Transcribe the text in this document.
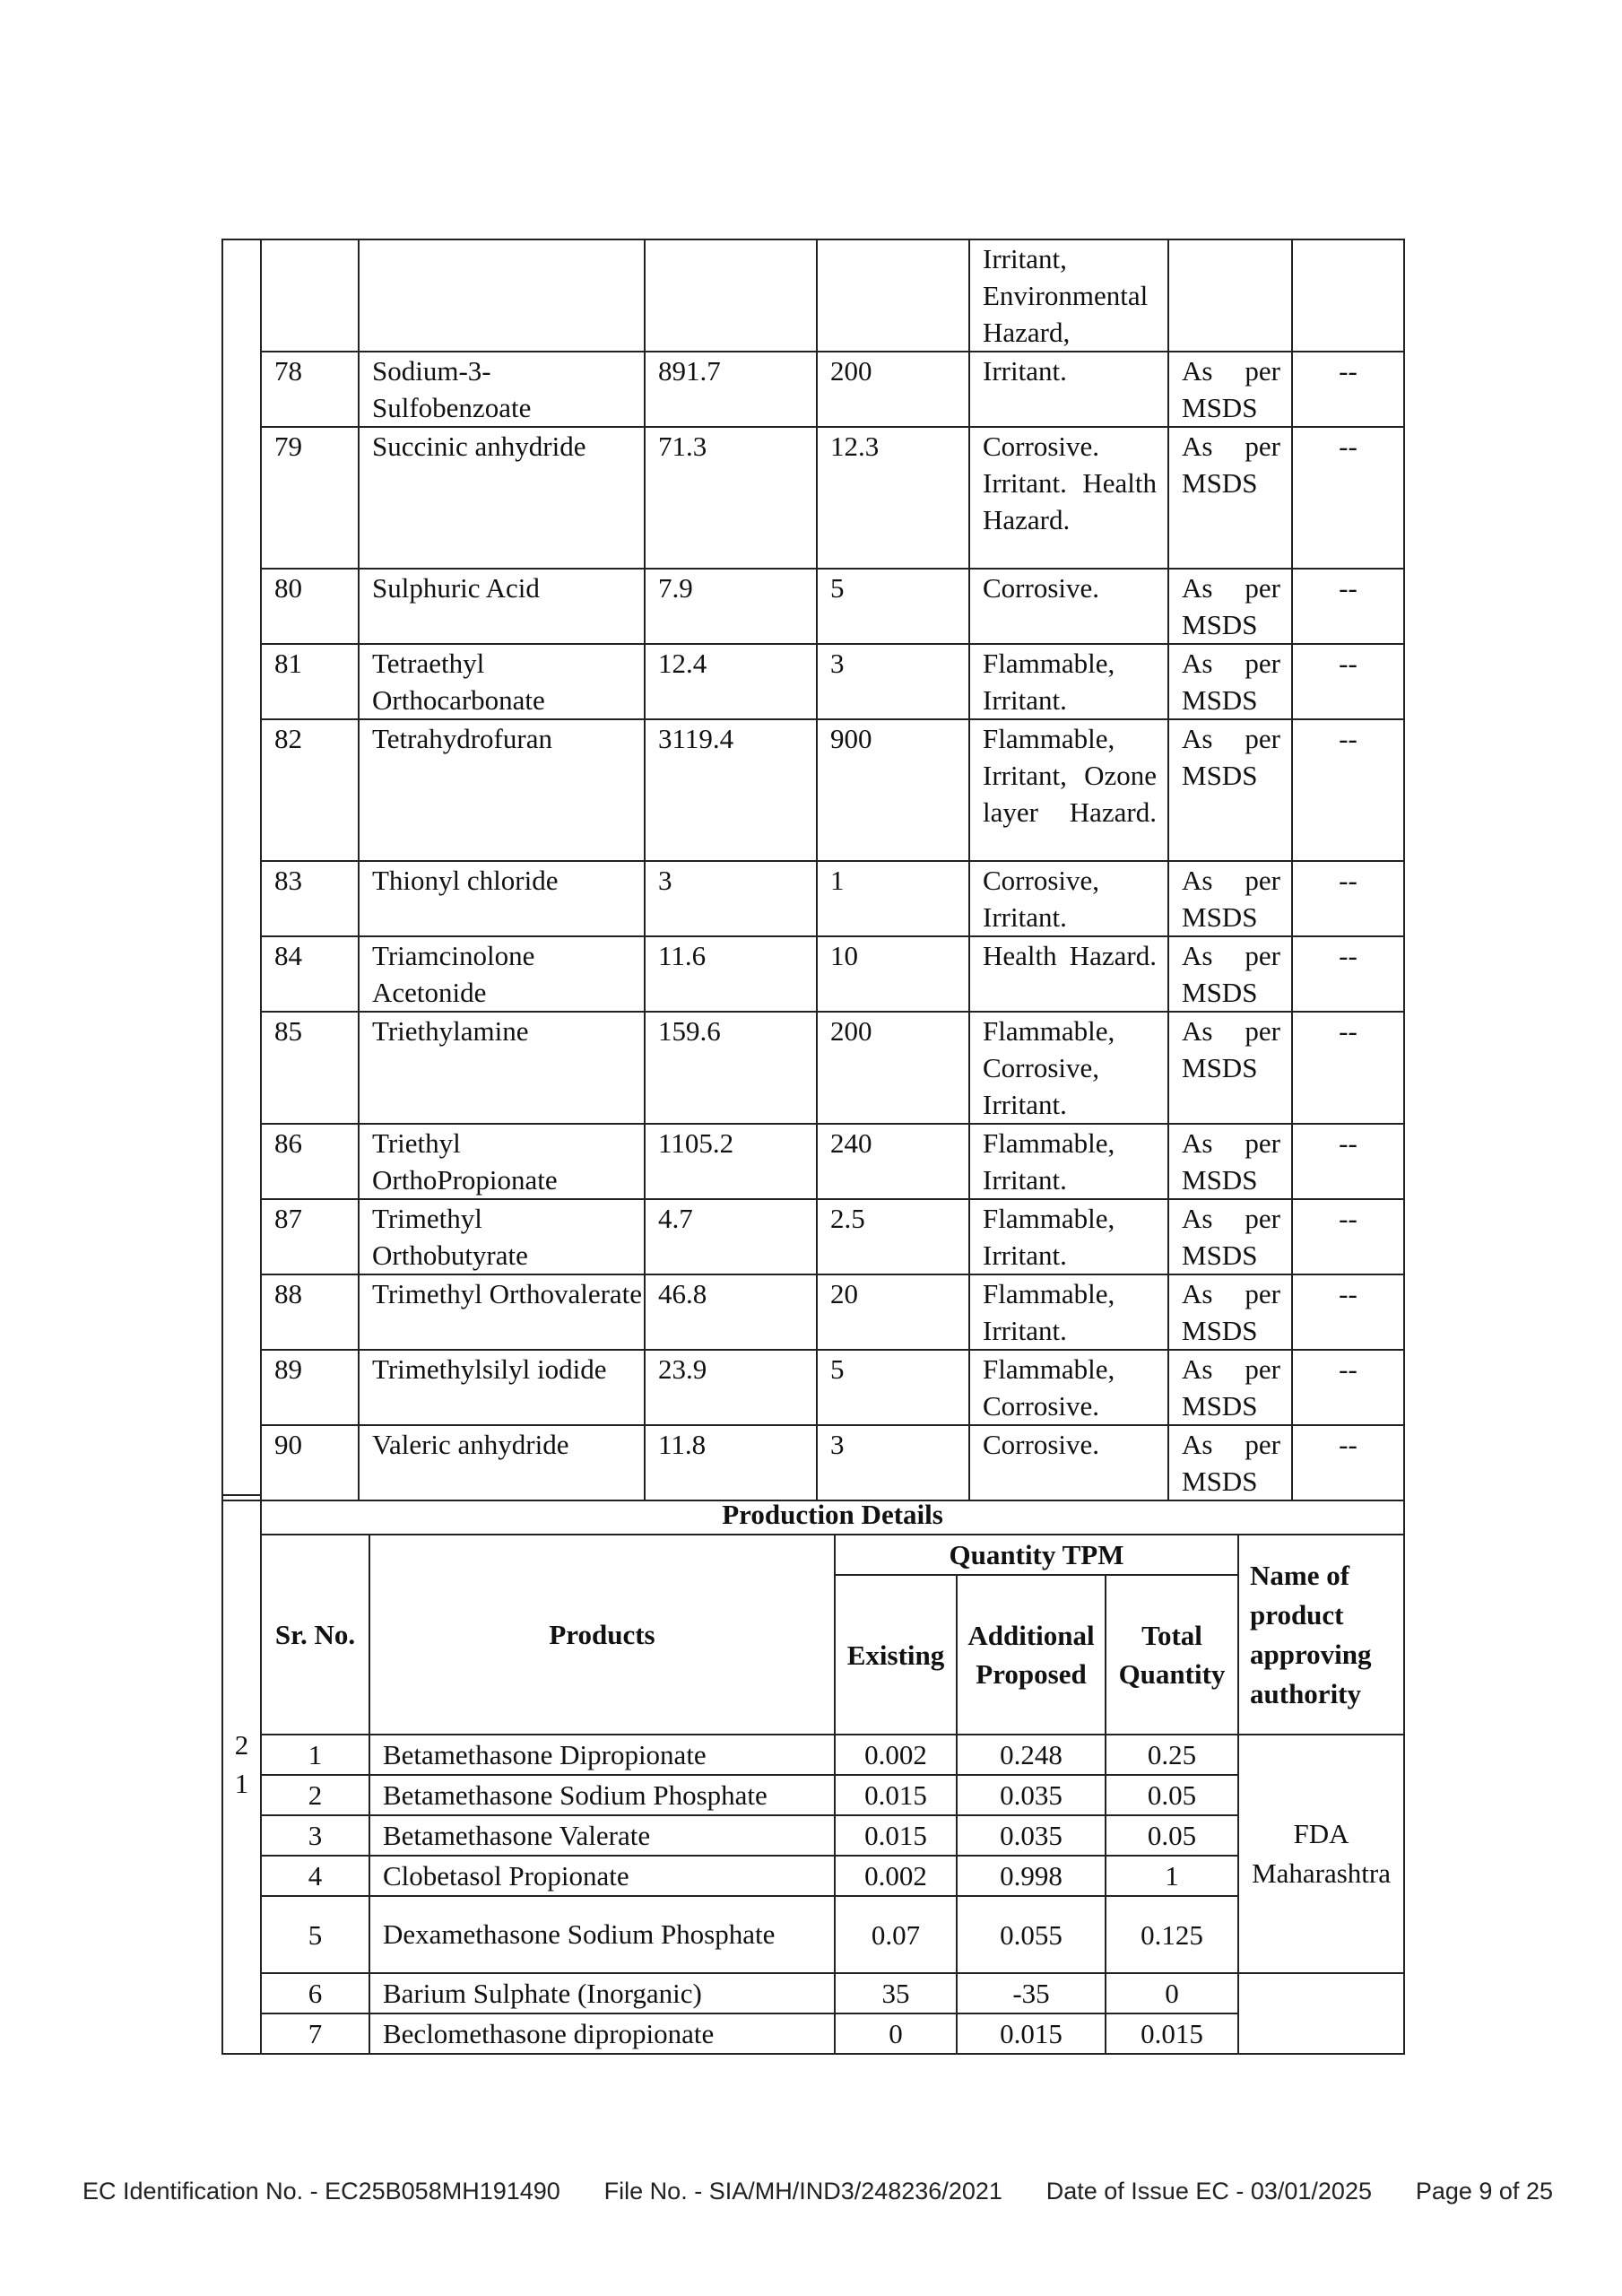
					Irritant, Environmental Hazard,		
	78	Sodium-3-Sulfobenzoate	891.7	200	Irritant.	As per MSDS	--
	79	Succinic anhydride	71.3	12.3	Corrosive. Irritant. Health Hazard.	As per MSDS	--
	80	Sulphuric Acid	7.9	5	Corrosive.	As per MSDS	--
	81	Tetraethyl Orthocarbonate	12.4	3	Flammable, Irritant.	As per MSDS	--
	82	Tetrahydrofuran	3119.4	900	Flammable, Irritant, Ozone layer Hazard.	As per MSDS	--
	83	Thionyl chloride	3	1	Corrosive, Irritant.	As per MSDS	--
	84	Triamcinolone Acetonide	11.6	10	Health Hazard.	As per MSDS	--
	85	Triethylamine	159.6	200	Flammable, Corrosive, Irritant.	As per MSDS	--
	86	Triethyl OrthoPropionate	1105.2	240	Flammable, Irritant.	As per MSDS	--
	87	Trimethyl Orthobutyrate	4.7	2.5	Flammable, Irritant.	As per MSDS	--
	88	Trimethyl Orthovalerate	46.8	20	Flammable, Irritant.	As per MSDS	--
	89	Trimethylsilyl iodide	23.9	5	Flammable, Corrosive.	As per MSDS	--
	90	Valeric anhydride	11.8	3	Corrosive.	As per MSDS	--
2
1	Production Details					
	Sr. No.	Products	Quantity TPM			Name of product approving authority
			Existing	Additional Proposed	Total Quantity	
	1	Betamethasone Dipropionate	0.002	0.248	0.25	FDA Maharashtra
	2	Betamethasone Sodium Phosphate	0.015	0.035	0.05	
	3	Betamethasone Valerate	0.015	0.035	0.05	
	4	Clobetasol Propionate	0.002	0.998	1	
	5	Dexamethasone Sodium Phosphate	0.07	0.055	0.125	
	6	Barium Sulphate (Inorganic)	35	-35	0	
	7	Beclomethasone dipropionate	0	0.015	0.015	
EC Identification No. - EC25B058MH191490 File No. - SIA/MH/IND3/248236/2021 Date of Issue EC - 03/01/2025 Page 9 of 25
